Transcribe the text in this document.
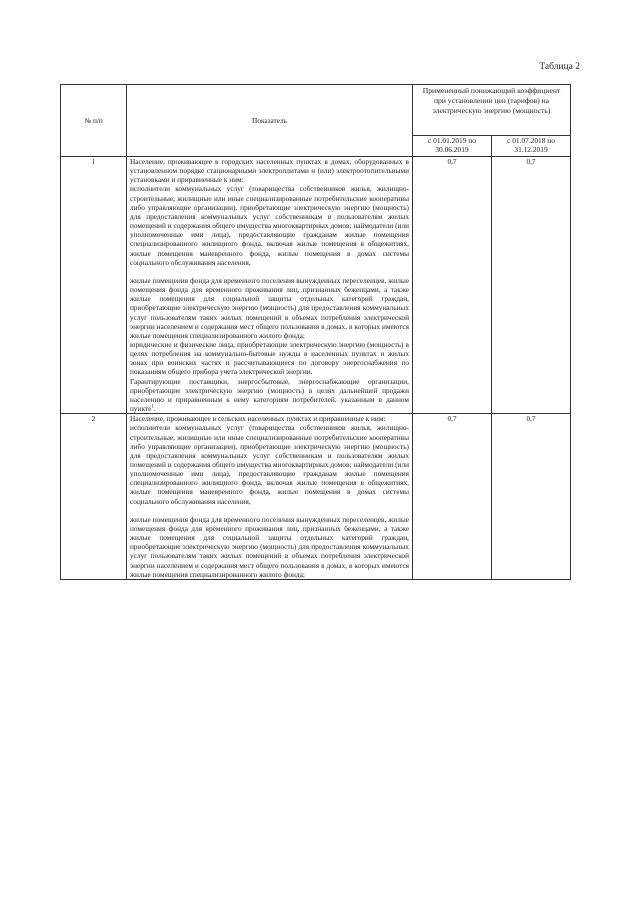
Таблица 2

№ п/п	Показатель	Примененный понижающий коэффициент при установлении цен (тарифов) на электрическую энергию (мощность)	
		с 01.01.2019 по 30.06.2019	с 01.07.2018 по 31.12.2019
1	Население, проживающее в городских населенных пунктах в домах, оборудованных в установленном порядке стационарными электроплитами и (или) электроотопительными установками и приравненные к ним:
исполнители коммунальных услуг (товарищества собственников жилья, жилищно-строительные, жилищные или иные специализированные потребительские кооперативы либо управляющие организации), приобретающие электрическую энергию (мощность) для предоставления коммунальных услуг собственникам и пользователям жилых помещений и содержания общего имущества многоквартирных домов; наймодатели (или уполномоченные ими лица), предоставляющие гражданам жилые помещения специализированного жилищного фонда, включая жилые помещения в общежитиях, жилые помещения маневренного фонда, жилые помещения в домах системы социального обслуживания населения,
жилые помещения фонда для временного поселения вынужденных переселенцев, жилые помещения фонда для временного проживания лиц, признанных беженцами, а также жилые помещения для социальной защиты отдельных категорий граждан, приобретающие электрическую энергию (мощность) для предоставления коммунальных услуг пользователям таких жилых помещений в объемах потребления электрической энергии населением и содержания мест общего пользования в домах, в которых имеются жилые помещения специализированного жилого фонда;
юридические и физические лица, приобретающие электрическую энергию (мощность) в целях потребления на коммунально-бытовые нужды в населенных пунктах и жилых зонах при воинских частях и рассчитывающиеся по договору энергоснабжения по показаниям общего прибора учета электрической энергии.
Гарантирующие поставщики, энергосбытовые, энергоснабжающие организации, приобретающие электрическую энергию (мощность) в целях дальнейшей продажи населению и приравненным к нему категориям потребителей, указанным в данном пункте$^1$.	0,7	0,7
2	Население, проживающее в сельских населенных пунктах и приравненные к ним:
исполнители коммунальных услуг (товарищества собственников жилья, жилищно-строительные, жилищные или иные специализированные потребительские кооперативы либо управляющие организации), приобретающие электрическую энергию (мощность) для предоставления коммунальных услуг собственникам и пользователям жилых помещений и содержания общего имущества многоквартирных домов; наймодатели (или уполномоченные ими лица), предоставляющие гражданам жилые помещения специализированного жилищного фонда, включая жилые помещения в общежитиях, жилые помещения маневренного фонда, жилые помещения в домах системы социального обслуживания населения,
жилые помещения фонда для временного поселения вынужденных переселенцев, жилые помещения фонда для временного проживания лиц, признанных беженцами, а также жилые помещения для социальной защиты отдельных категорий граждан, приобретающие электрическую энергию (мощность) для предоставления коммунальных услуг пользователям таких жилых помещений в объемах потребления электрической энергии населением и содержания мест общего пользования в домах, в которых имеются жилые помещения специализированного жилого фонда;	0,7	0,7
